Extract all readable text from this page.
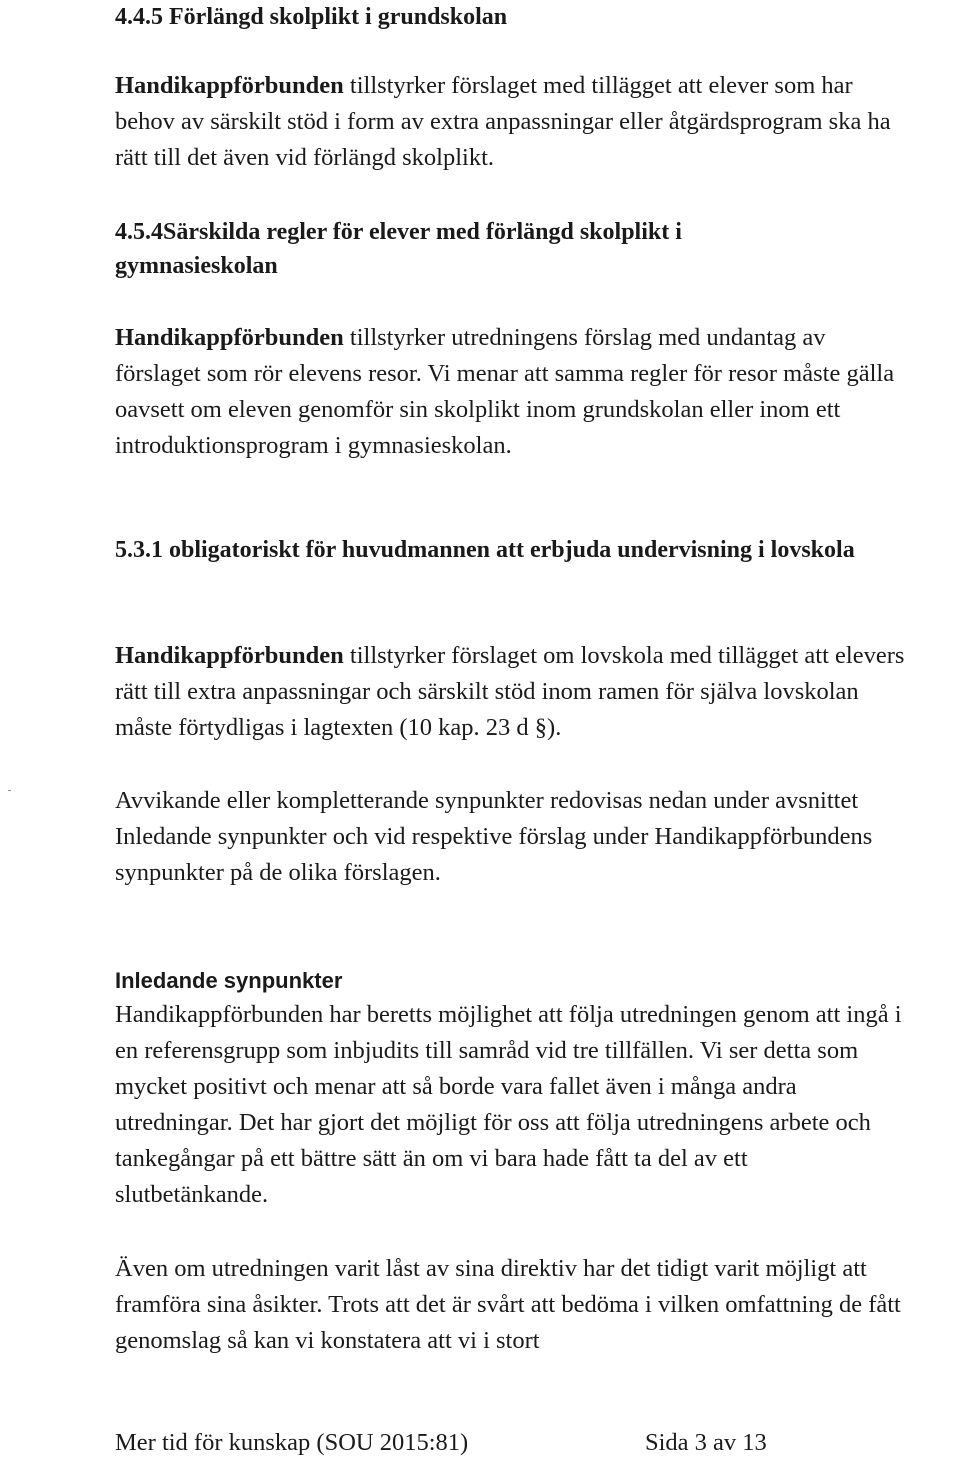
4.4.5 Förlängd skolplikt i grundskolan

Handikappförbunden tillstyrker förslaget med tillägget att elever som har behov av särskilt stöd i form av extra anpassningar eller åtgärdsprogram ska ha rätt till det även vid förlängd skolplikt.

4.5.4Särskilda regler för elever med förlängd skolplikt i gymnasieskolan

Handikappförbunden tillstyrker utredningens förslag med undantag av förslaget som rör elevens resor. Vi menar att samma regler för resor måste gälla oavsett om eleven genomför sin skolplikt inom grundskolan eller inom ett introduktionsprogram i gymnasieskolan.

5.3.1 obligatoriskt för huvudmannen att erbjuda undervisning i lovskola

Handikappförbunden tillstyrker förslaget om lovskola med tillägget att elevers rätt till extra anpassningar och särskilt stöd inom ramen för själva lovskolan måste förtydligas i lagtexten (10 kap. 23 d §).

Avvikande eller kompletterande synpunkter redovisas nedan under avsnittet Inledande synpunkter och vid respektive förslag under Handikappförbundens synpunkter på de olika förslagen.

Inledande synpunkter

Handikappförbunden har beretts möjlighet att följa utredningen genom att ingå i en referensgrupp som inbjudits till samråd vid tre tillfällen. Vi ser detta som mycket positivt och menar att så borde vara fallet även i många andra utredningar. Det har gjort det möjligt för oss att följa utredningens arbete och tankegångar på ett bättre sätt än om vi bara hade fått ta del av ett slutbetänkande.

Även om utredningen varit låst av sina direktiv har det tidigt varit möjligt att framföra sina åsikter. Trots att det är svårt att bedöma i vilken omfattning de fått genomslag så kan vi konstatera att vi i stort

Mer tid för kunskap (SOU 2015:81)	Sida 3 av 13
